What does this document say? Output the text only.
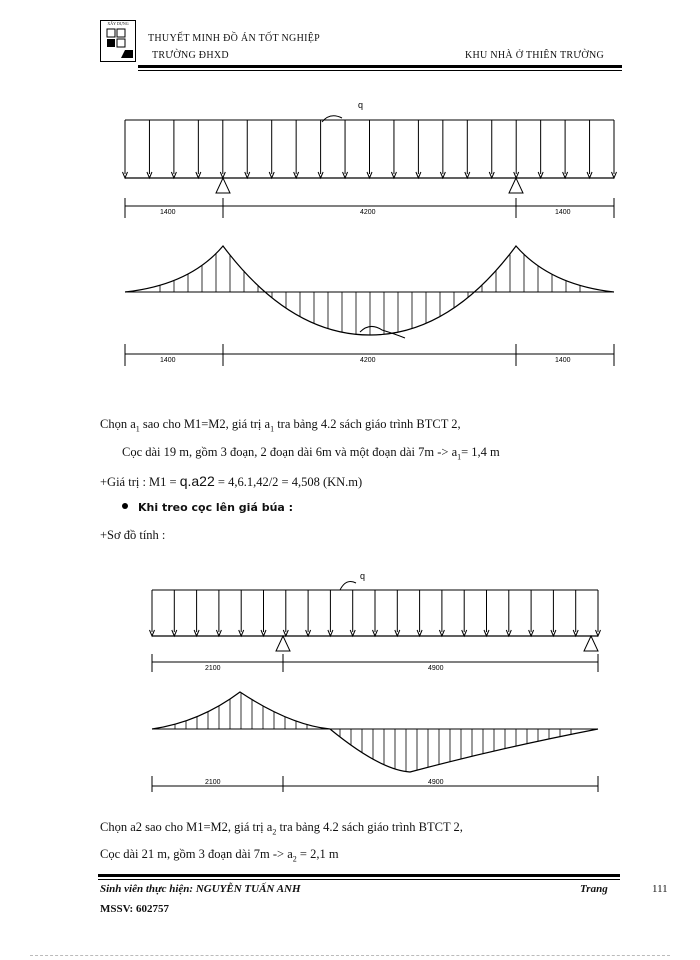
XÂY DỰNG
THUYẾT MINH ĐỒ ÁN TỐT NGHIỆP
TRƯỜNG ĐHXD	KHU NHÀ Ở THIÊN TRƯỜNG
q
1400	4200	1400
1400	4200	1400
Chọn $a_1$ sao cho M1=M2, giá trị $a_1$ tra bảng 4.2 sách giáo trình BTCT 2,
Cọc dài 19 m, gồm 3 đoạn, 2 đoạn dài 6m và một đoạn dài $7m -> a_1= 1,4$ m
+Giá trị : M1 = q.a22 = 4,6.1,42/2 = 4,508 (KN.m)
Khi treo cọc lên giá búa :
+Sơ đồ tính :
q
2100	4900
2100	4900
Chọn a2 sao cho M1=M2, giá trị $a_2$ tra bảng 4.2 sách giáo trình BTCT 2,
Cọc dài 21 m, gồm 3 đoạn dài $7m -> a_2 = 2,1$ m
Sinh viên thực hiện: NGUYỄN TUẤN ANH	Trang	111
MSSV: 602757
